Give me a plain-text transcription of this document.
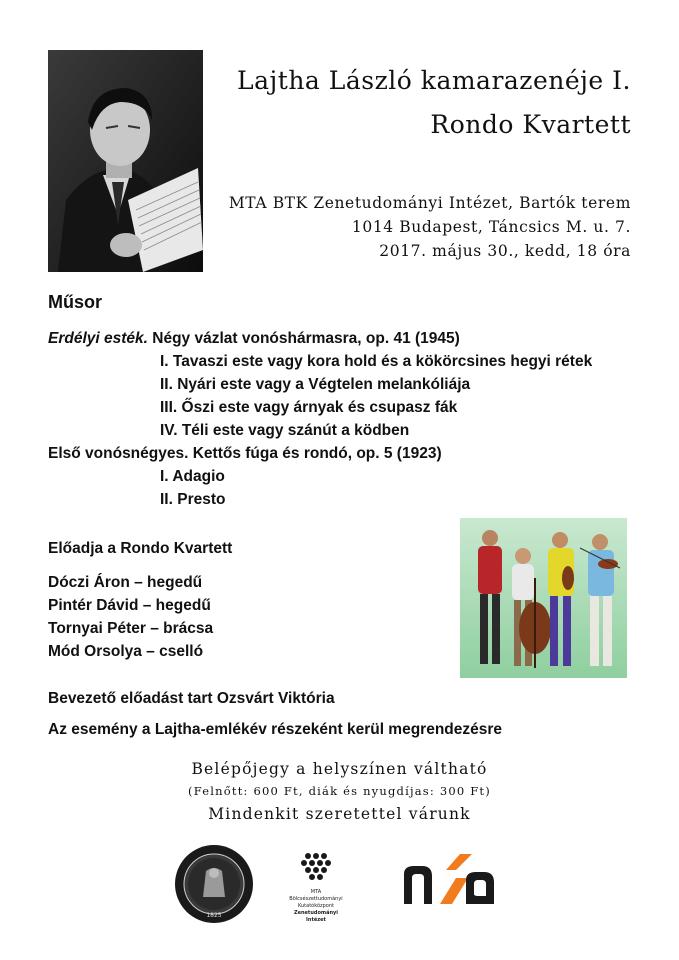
Lajtha László kamarazenéje I.
Rondo Kvartett
MTA BTK Zenetudományi Intézet, Bartók terem
1014 Budapest, Táncsics M. u. 7.
2017. május 30., kedd, 18 óra
Műsor
Erdélyi esték. Négy vázlat vonóshármasra, op. 41 (1945)
I. Tavaszi este vagy kora hold és a kökörcsines hegyi rétek
II. Nyári este vagy a Végtelen melankóliája
III. Őszi este vagy árnyak és csupasz fák
IV. Téli este vagy szánút a ködben
Első vonósnégyes. Kettős fúga és rondó, op. 5 (1923)
I. Adagio
II. Presto
Előadja a Rondo Kvartett
Dóczi Áron – hegedű
Pintér Dávid – hegedű
Tornyai Péter – brácsa
Mód Orsolya – cselló
Bevezető előadást tart Ozsvárt Viktória
Az esemény a Lajtha-emlékév részeként kerül megrendezésre
Belépőjegy a helyszínen váltható
(Felnőtt: 600 Ft, diák és nyugdíjas: 300 Ft)
Mindenkit szeretettel várunk
1825
MTA
Bölcsészettudományi
Kutatóközpont
Zenetudományi
Intézet
